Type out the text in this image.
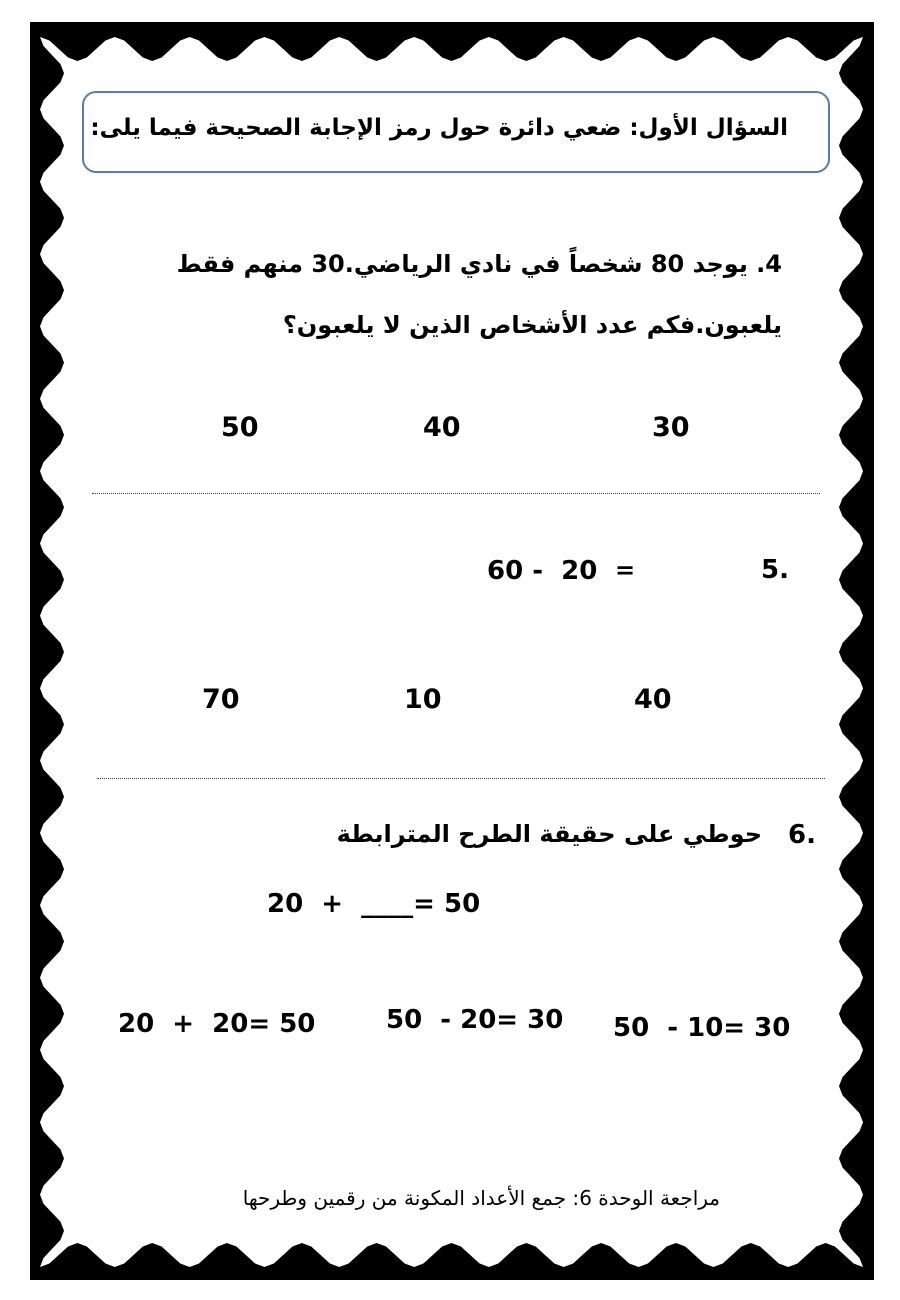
السؤال الأول: ضعي دائرة حول رمز الإجابة الصحيحة فيما يلى:
4. يوجد 80 شخصاً في نادي الرياضي.30 منهم فقط
يلعبون.فكم عدد الأشخاص الذين لا يلعبون؟
30
40
50
5.
=
60 -  20
40
10
70
6.
حوطي على حقيقة الطرح المترابطة
20  +  ____= 50
50  - 10= 30
50  - 20= 30
20  +  20= 50
مراجعة الوحدة 6: جمع الأعداد المكونة من رقمين وطرحها
